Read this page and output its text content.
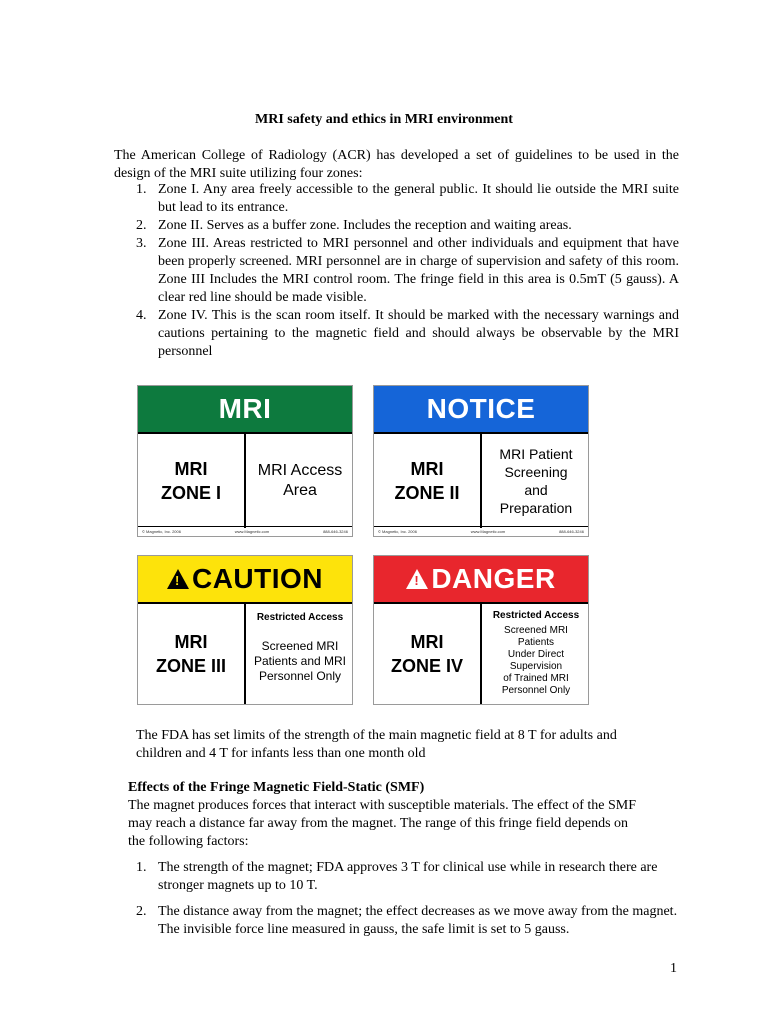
MRI safety and ethics in MRI environment

The American College of Radiology (ACR) has developed a set of guidelines to be used in the design of the MRI suite utilizing four zones:

1. Zone I. Any area freely accessible to the general public. It should lie outside the MRI suite but lead to its entrance.
2. Zone II. Serves as a buffer zone. Includes the reception and waiting areas.
3. Zone III. Areas restricted to MRI personnel and other individuals and equipment that have been properly screened. MRI personnel are in charge of supervision and safety of this room. Zone III Includes the MRI control room. The fringe field in this area is 0.5mT (5 gauss). A clear red line should be made visible.
4. Zone IV. This is the scan room itself. It should be marked with the necessary warnings and cautions pertaining to the magnetic field and should always be observable by the MRI personnel
MRI
MRI
ZONE I
MRI Access
Area
© Magnetic, Inc. 2006	www.Magnetic.com	888-646-3246
NOTICE
MRI
ZONE II
MRI Patient
Screening
and
Preparation
© Magnetic, Inc. 2006	www.Magnetic.com	888-646-3246
!
CAUTION
MRI
ZONE III
Restricted Access
Screened MRI
Patients and MRI
Personnel Only
!
DANGER
MRI
ZONE IV
Restricted Access
Screened MRI Patients
Under Direct Supervision
of Trained MRI
Personnel Only

The FDA has set limits of the strength of the main magnetic field at 8 T for adults and children and 4 T for infants less than one month old

Effects of the Fringe Magnetic Field-Static (SMF)

The magnet produces forces that interact with susceptible materials. The effect of the SMF may reach a distance far away from the magnet. The range of this fringe field depends on the following factors:

1. The strength of the magnet; FDA approves 3 T for clinical use while in research there are stronger magnets up to 10 T.
2. The distance away from the magnet; the effect decreases as we move away from the magnet. The invisible force line measured in gauss, the safe limit is set to 5 gauss.
1
